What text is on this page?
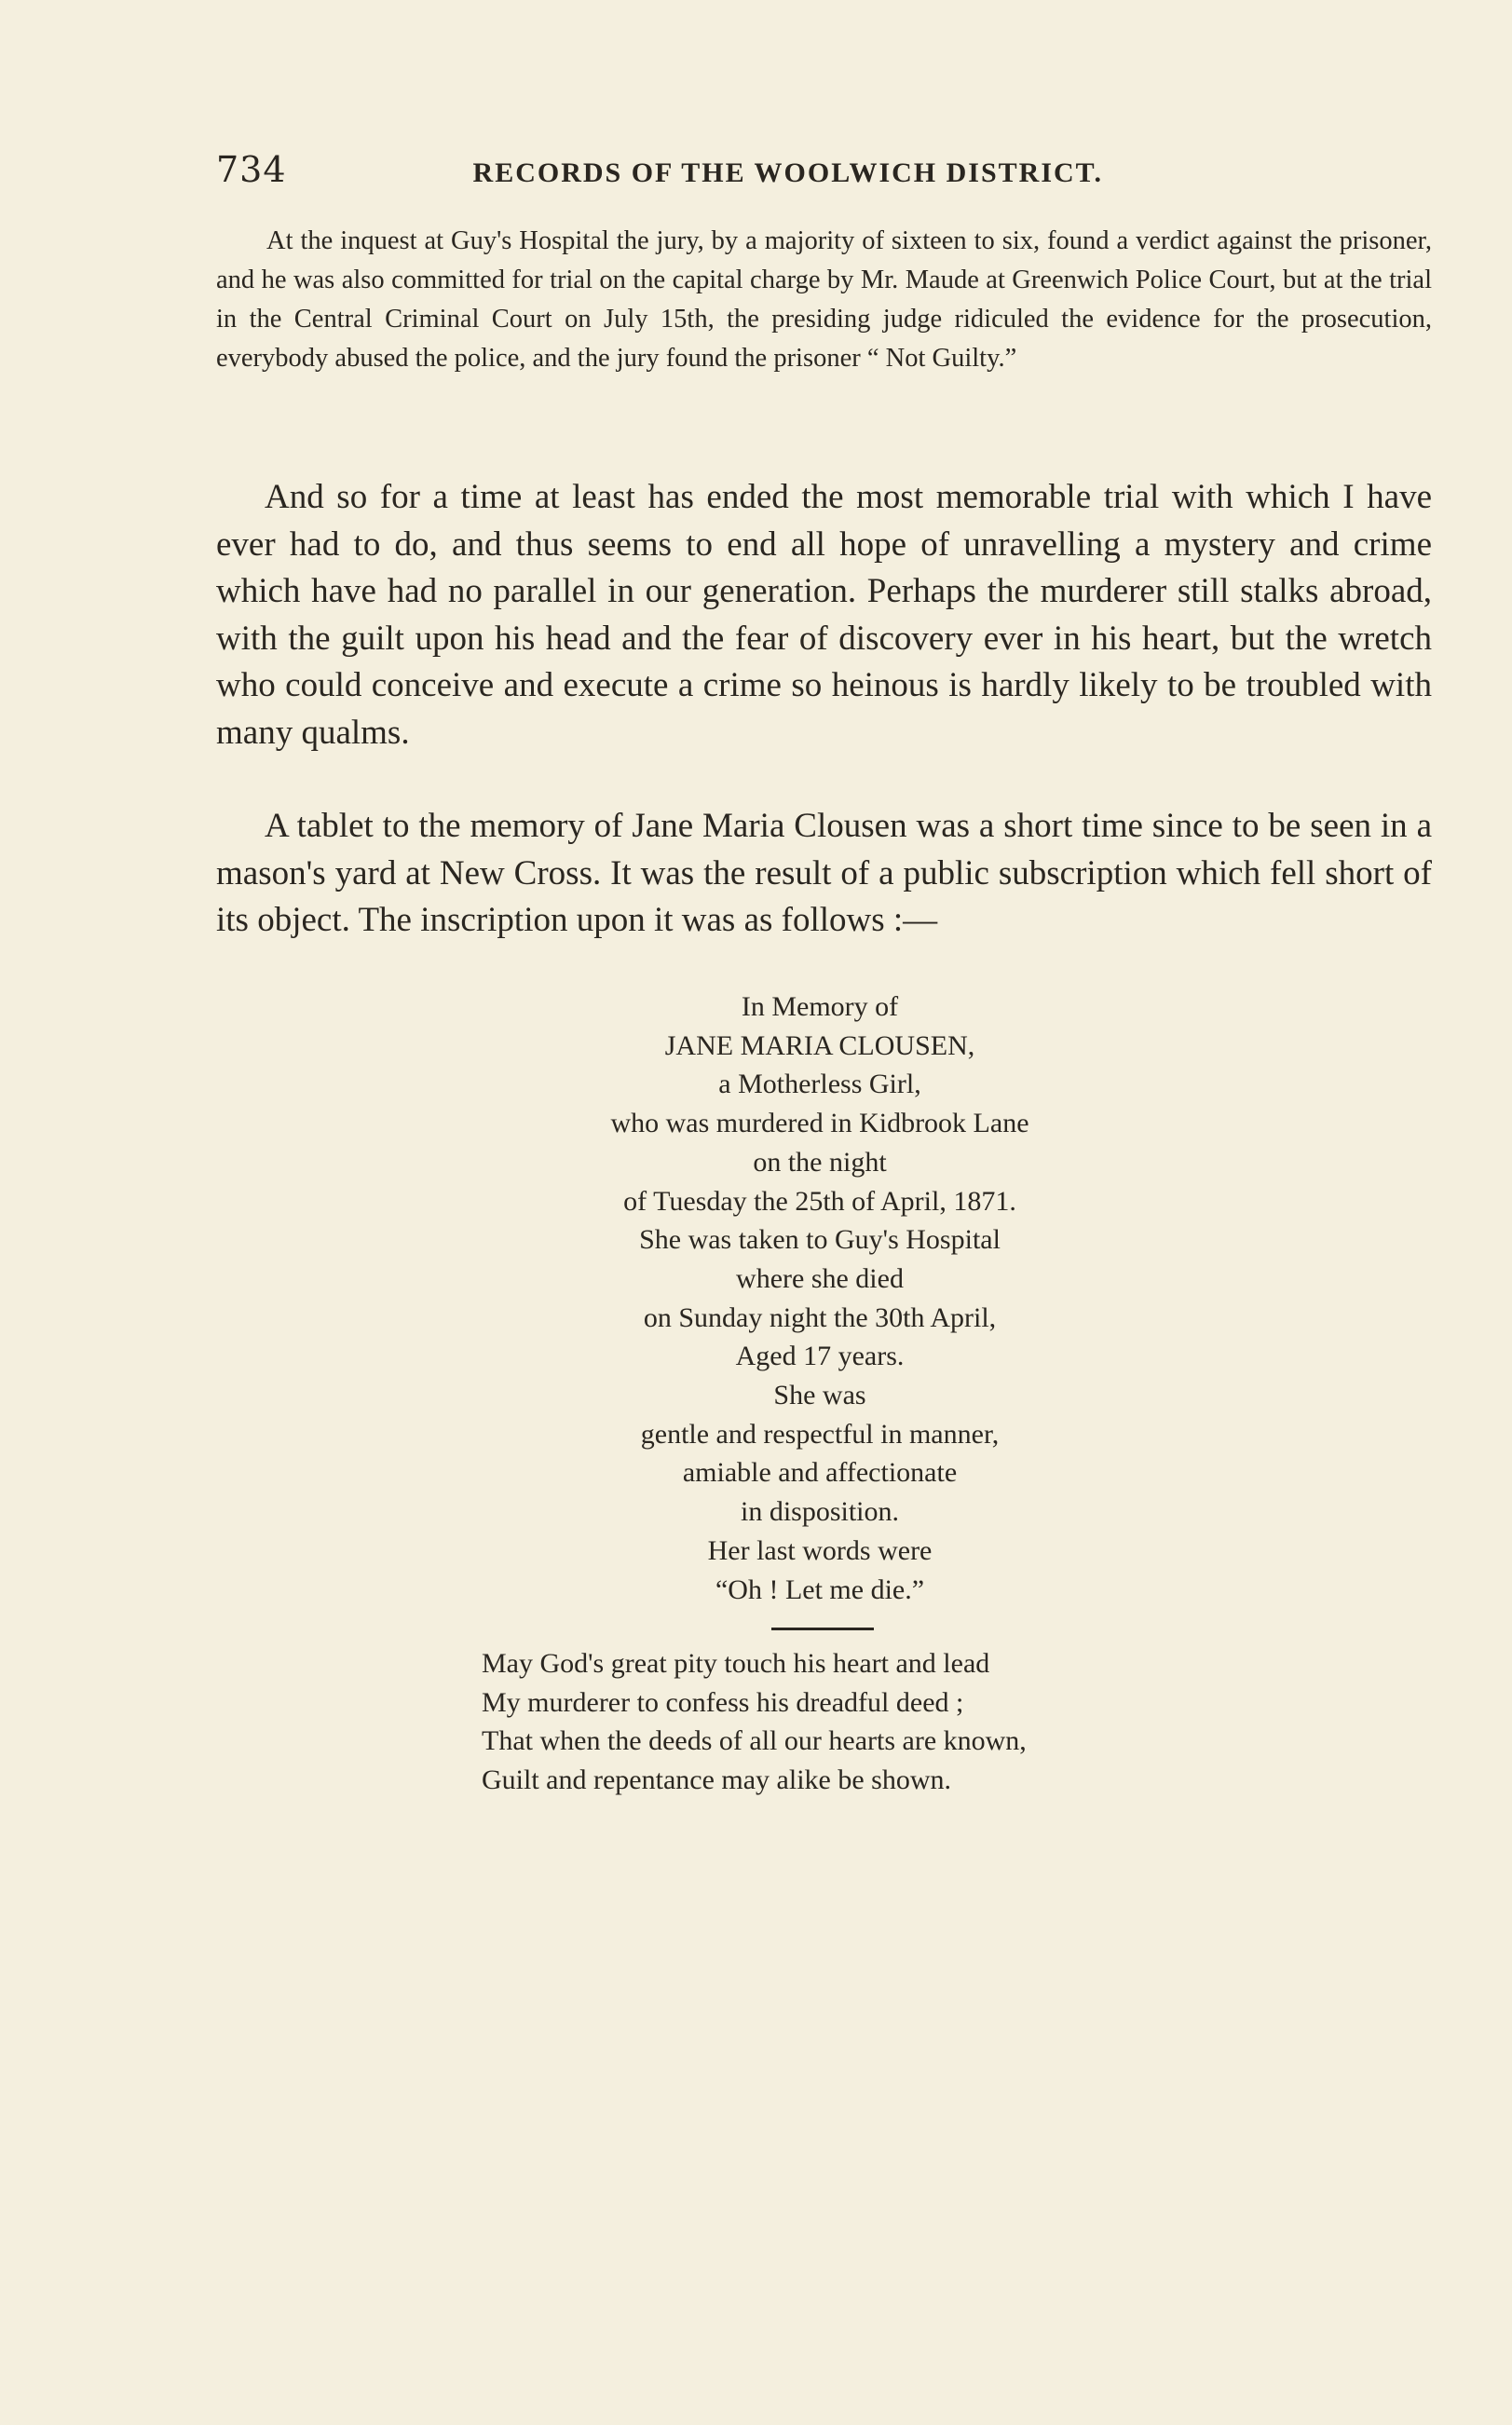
734	RECORDS OF THE WOOLWICH DISTRICT.

At the inquest at Guy's Hospital the jury, by a majority of sixteen to six, found a verdict against the prisoner, and he was also committed for trial on the capital charge by Mr. Maude at Greenwich Police Court, but at the trial in the Central Criminal Court on July 15th, the presiding judge ridiculed the evidence for the prosecution, everybody abused the police, and the jury found the prisoner “ Not Guilty.”

And so for a time at least has ended the most memorable trial with which I have ever had to do, and thus seems to end all hope of unravelling a mystery and crime which have had no parallel in our generation. Perhaps the murderer still stalks abroad, with the guilt upon his head and the fear of discovery ever in his heart, but the wretch who could conceive and execute a crime so heinous is hardly likely to be troubled with many qualms.

A tablet to the memory of Jane Maria Clousen was a short time since to be seen in a mason's yard at New Cross. It was the result of a public subscription which fell short of its object. The inscription upon it was as follows :—

In Memory of
JANE MARIA CLOUSEN,
a Motherless Girl,
who was murdered in Kidbrook Lane
on the night
of Tuesday the 25th of April, 1871.
She was taken to Guy's Hospital
where she died
on Sunday night the 30th April,
Aged 17 years.
She was
gentle and respectful in manner,
amiable and affectionate
in disposition.
Her last words were
“Oh ! Let me die.”
May God's great pity touch his heart and lead
My murderer to confess his dreadful deed ;
That when the deeds of all our hearts are known,
Guilt and repentance may alike be shown.
